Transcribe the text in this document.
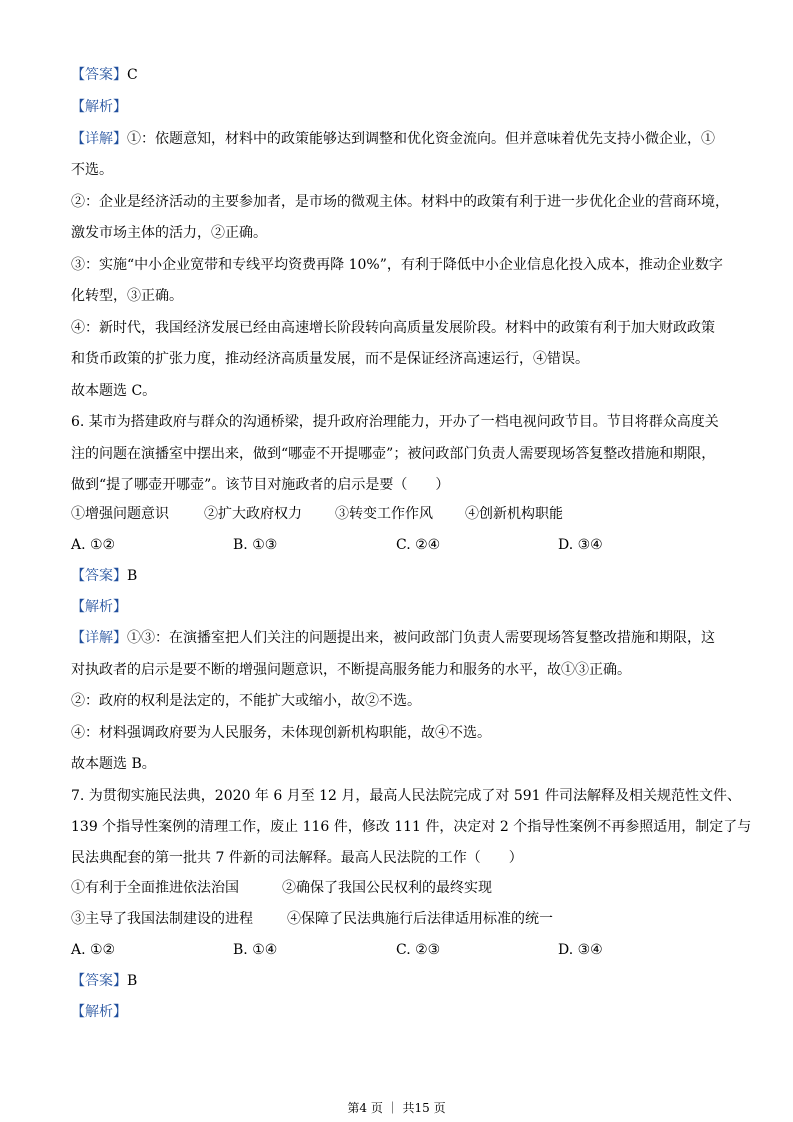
【答案】C
【解析】
【详解】①：依题意知，材料中的政策能够达到调整和优化资金流向。但并意味着优先支持小微企业，①
不选。
②：企业是经济活动的主要参加者，是市场的微观主体。材料中的政策有利于进一步优化企业的营商环境，
激发市场主体的活力，②正确。
③：实施“中小企业宽带和专线平均资费再降 10%”，有利于降低中小企业信息化投入成本，推动企业数字
化转型，③正确。
④：新时代，我国经济发展已经由高速增长阶段转向高质量发展阶段。材料中的政策有利于加大财政政策
和货币政策的扩张力度，推动经济高质量发展，而不是保证经济高速运行，④错误。
故本题选 C。
6. 某市为搭建政府与群众的沟通桥梁，提升政府治理能力，开办了一档电视问政节目。节目将群众高度关
注的问题在演播室中摆出来，做到“哪壶不开提哪壶”；被问政部门负责人需要现场答复整改措施和期限，
做到“提了哪壶开哪壶”。该节目对施政者的启示是要（　　）
①增强问题意识	②扩大政府权力 ③转变工作作风 ④创新机构职能
A. ①②	B. ①③	C. ②④	D. ③④
【答案】B
【解析】
【详解】①③：在演播室把人们关注的问题提出来，被问政部门负责人需要现场答复整改措施和期限，这
对执政者的启示是要不断的增强问题意识，不断提高服务能力和服务的水平，故①③正确。
②：政府的权利是法定的，不能扩大或缩小，故②不选。
④：材料强调政府要为人民服务，未体现创新机构职能，故④不选。
故本题选 B。
7. 为贯彻实施民法典，2020 年 6 月至 12 月，最高人民法院完成了对 591 件司法解释及相关规范性文件、
139 个指导性案例的清理工作，废止 116 件，修改 111 件，决定对 2 个指导性案例不再参照适用，制定了与
民法典配套的第一批共 7 件新的司法解释。最高人民法院的工作（　　）
①有利于全面推进依法治国	②确保了我国公民权利的最终实现
③主导了我国法制建设的进程 ④保障了民法典施行后法律适用标准的统一
A. ①②	B. ①④	C. ②③	D. ③④
【答案】B
【解析】
第4 页 ｜ 共15 页
